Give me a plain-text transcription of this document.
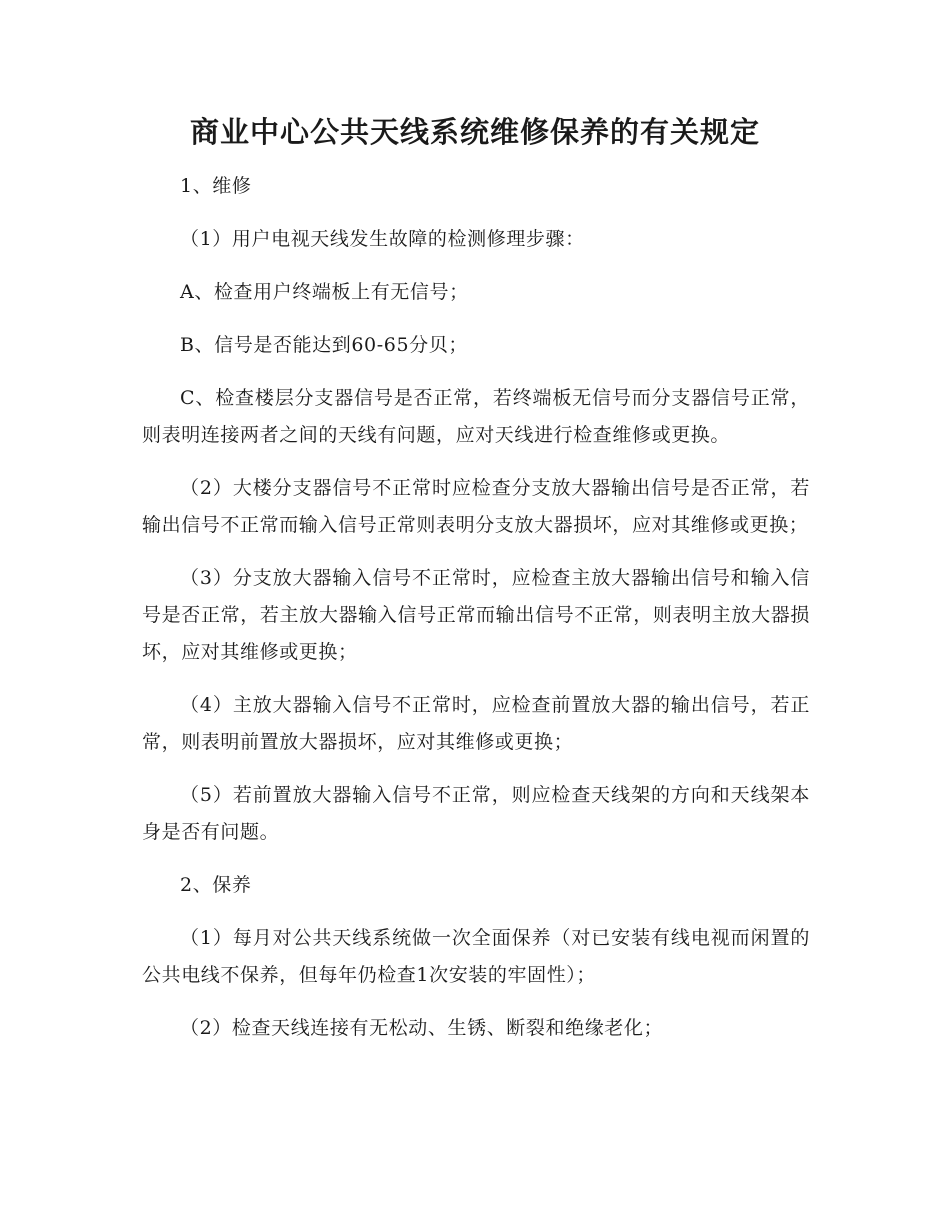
商业中心公共天线系统维修保养的有关规定

1、维修

（1）用户电视天线发生故障的检测修理步骤：

A、检查用户终端板上有无信号；

B、信号是否能达到60-65分贝；

C、检查楼层分支器信号是否正常，若终端板无信号而分支器信号正常，则表明连接两者之间的天线有问题，应对天线进行检查维修或更换。

（2）大楼分支器信号不正常时应检查分支放大器输出信号是否正常，若输出信号不正常而输入信号正常则表明分支放大器损坏，应对其维修或更换；

（3）分支放大器输入信号不正常时，应检查主放大器输出信号和输入信号是否正常，若主放大器输入信号正常而输出信号不正常，则表明主放大器损坏，应对其维修或更换；

（4）主放大器输入信号不正常时，应检查前置放大器的输出信号，若正常，则表明前置放大器损坏，应对其维修或更换；

（5）若前置放大器输入信号不正常，则应检查天线架的方向和天线架本身是否有问题。

2、保养

（1）每月对公共天线系统做一次全面保养（对已安装有线电视而闲置的公共电线不保养，但每年仍检查1次安装的牢固性）；

（2）检查天线连接有无松动、生锈、断裂和绝缘老化；
